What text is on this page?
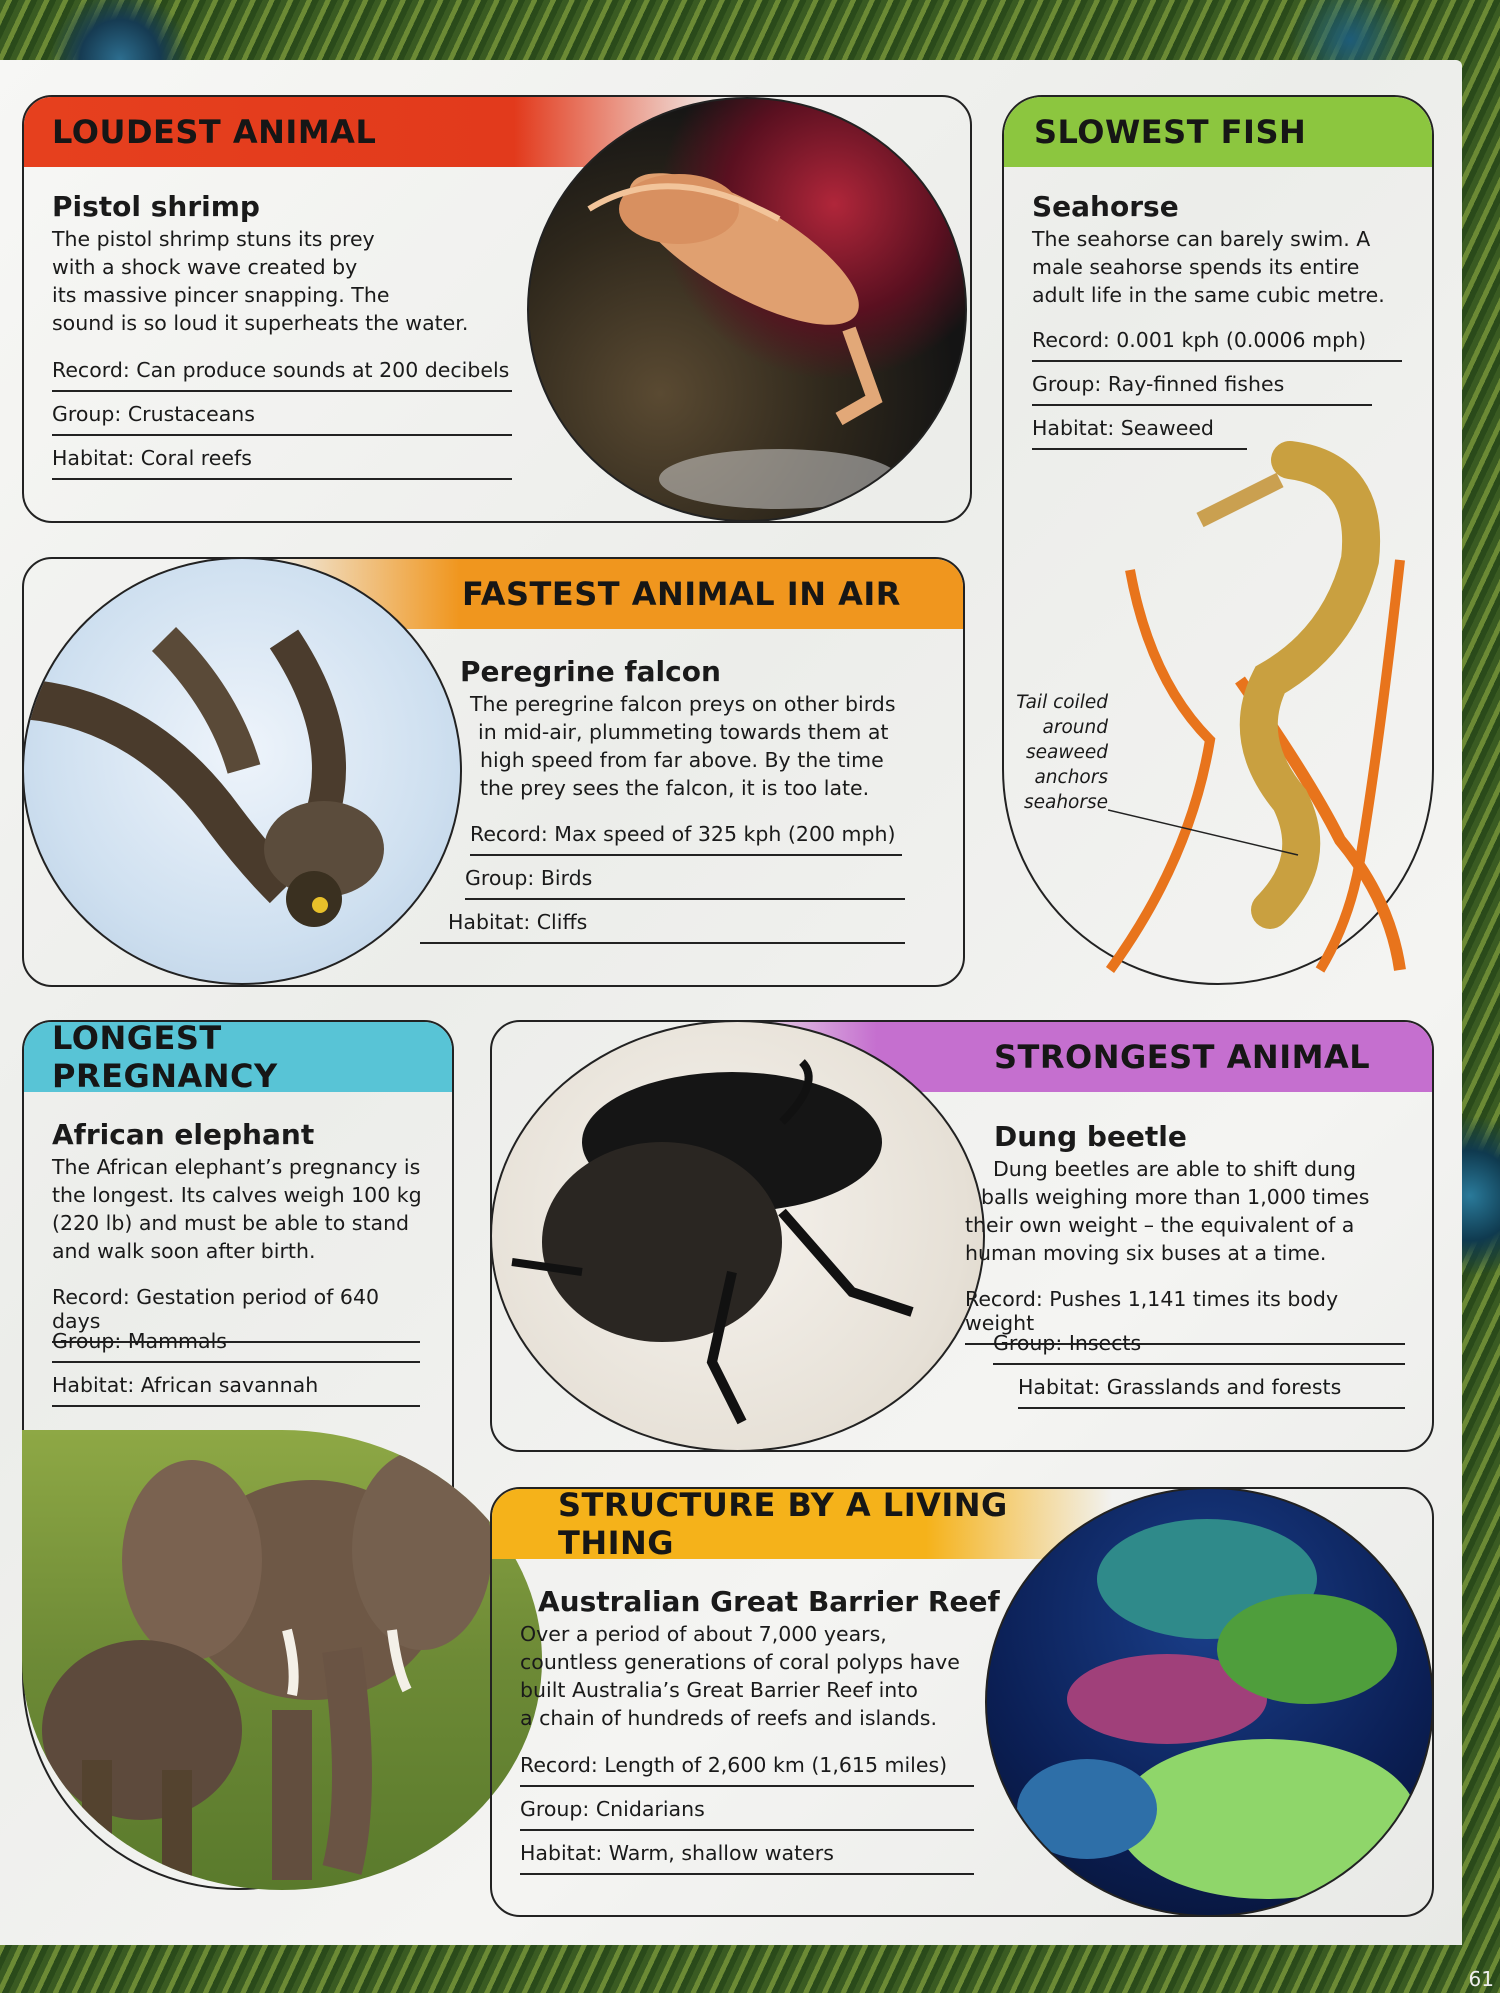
LOUDEST ANIMAL
Pistol shrimp
The pistol shrimp stuns its prey
with a shock wave created by
its massive pincer snapping. The
sound is so loud it superheats the water.
Record: Can produce sounds at 200 decibels
Group: Crustaceans
Habitat: Coral reefs
SLOWEST FISH
Seahorse
The seahorse can barely swim. A
male seahorse spends its entire
adult life in the same cubic metre.
Record: 0.001 kph (0.0006 mph)
Group: Ray-finned fishes
Habitat: Seaweed
Tail coiled
around
seaweed
anchors
seahorse
FASTEST ANIMAL IN AIR
Peregrine falcon
The peregrine falcon preys on other birds
in mid-air, plummeting towards them at
high speed from far above. By the time
the prey sees the falcon, it is too late.
Record: Max speed of 325 kph (200 mph)
Group: Birds
Habitat: Cliffs
LONGEST PREGNANCY
African elephant
The African elephant’s pregnancy is
the longest. Its calves weigh 100 kg
(220 lb) and must be able to stand
and walk soon after birth.
Record: Gestation period of 640 days
Group: Mammals
Habitat: African savannah
STRONGEST ANIMAL
Dung beetle
Dung beetles are able to shift dung
balls weighing more than 1,000 times
their own weight – the equivalent of a
human moving six buses at a time.
Record: Pushes 1,141 times its body weight
Group: Insects
Habitat: Grasslands and forests
STRUCTURE BY A LIVING THING
Australian Great Barrier Reef
Over a period of about 7,000 years,
countless generations of coral polyps have
built Australia’s Great Barrier Reef into
a chain of hundreds of reefs and islands.
Record: Length of 2,600 km (1,615 miles)
Group: Cnidarians
Habitat: Warm, shallow waters
61
